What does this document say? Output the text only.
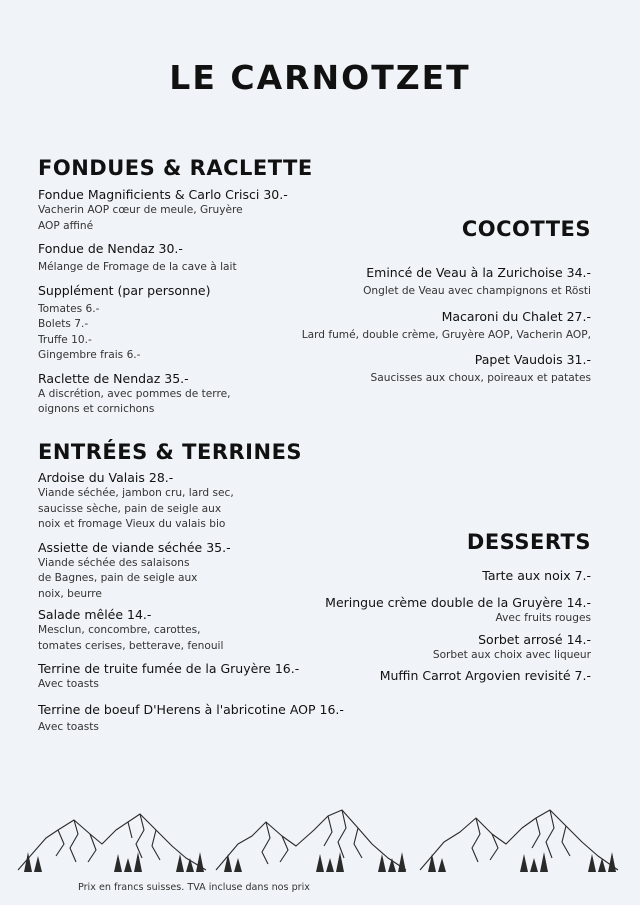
LE CARNOTZET
FONDUES & RACLETTE
Fondue Magnificients & Carlo Crisci 30.-
Vacherin AOP cœur de meule, Gruyère
AOP affiné
Fondue de Nendaz 30.-
Mélange de Fromage de la cave à lait
Supplément (par personne)
Tomates 6.-
Bolets 7.-
Truffe 10.-
Gingembre frais 6.-
Raclette de Nendaz 35.-
A discrétion, avec pommes de terre,
oignons et cornichons
ENTRÉES & TERRINES
Ardoise du Valais 28.-
Viande séchée, jambon cru, lard sec,
saucisse sèche, pain de seigle aux
noix et fromage Vieux du valais bio
Assiette de viande séchée 35.-
Viande séchée des salaisons
de Bagnes, pain de seigle aux
noix, beurre
Salade mêlée 14.-
Mesclun, concombre, carottes,
tomates cerises, betterave, fenouil
Terrine de truite fumée de la Gruyère 16.-
Avec toasts
Terrine de boeuf D'Herens à l'abricotine AOP 16.-
Avec toasts
COCOTTES
Emincé de Veau à la Zurichoise 34.-
Onglet de Veau avec champignons et Rösti
Macaroni du Chalet 27.-
Lard fumé, double crème, Gruyère AOP, Vacherin AOP,
Papet Vaudois 31.-
Saucisses aux choux, poireaux et patates
DESSERTS
Tarte aux noix 7.-
Meringue crème double de la Gruyère 14.-
Avec fruits rouges
Sorbet arrosé 14.-
Sorbet aux choix avec liqueur
Muffin Carrot Argovien revisité 7.-
Prix en francs suisses. TVA incluse dans nos prix
